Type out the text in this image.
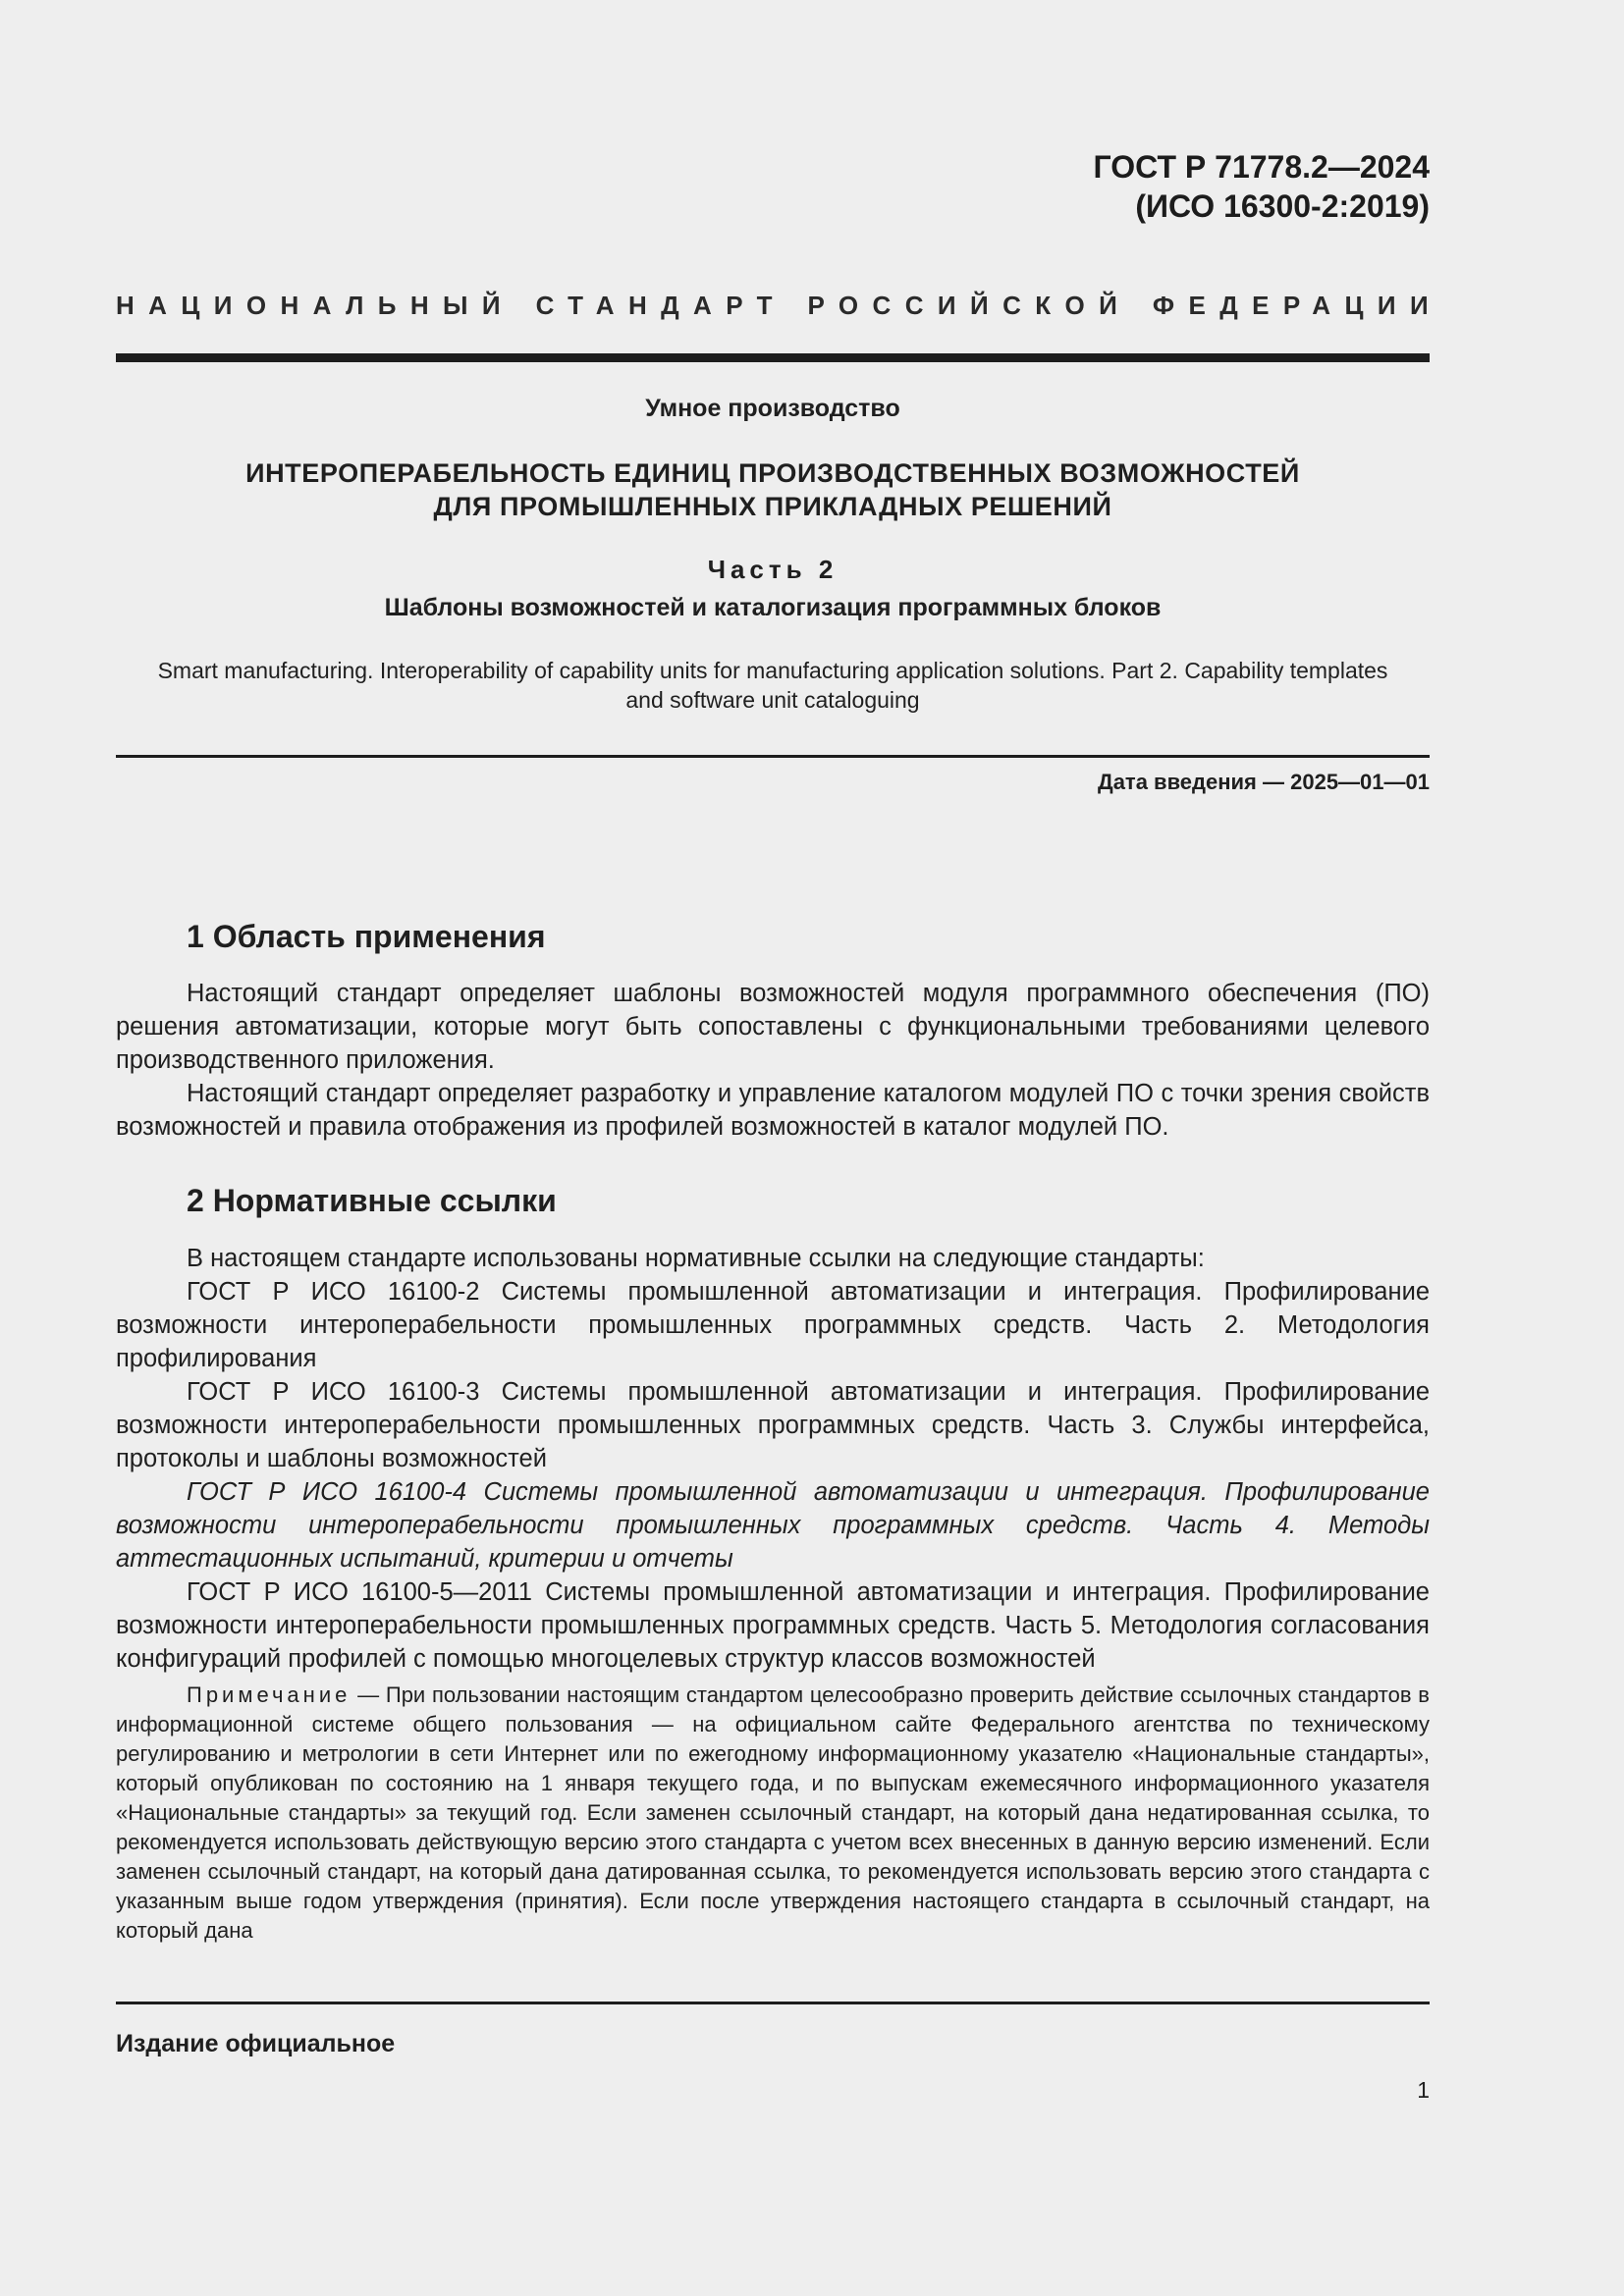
ГОСТ Р 71778.2—2024
(ИСО 16300-2:2019)
НАЦИОНАЛЬНЫЙ СТАНДАРТ РОССИЙСКОЙ ФЕДЕРАЦИИ
Умное производство
ИНТЕРОПЕРАБЕЛЬНОСТЬ ЕДИНИЦ ПРОИЗВОДСТВЕННЫХ ВОЗМОЖНОСТЕЙ
ДЛЯ ПРОМЫШЛЕННЫХ ПРИКЛАДНЫХ РЕШЕНИЙ
Часть 2
Шаблоны возможностей и каталогизация программных блоков
Smart manufacturing. Interoperability of capability units for manufacturing application solutions. Part 2. Capability templates and software unit cataloguing
Дата введения — 2025—01—01
1 Область применения

Настоящий стандарт определяет шаблоны возможностей модуля программного обеспечения (ПО) решения автоматизации, которые могут быть сопоставлены с функциональными требованиями целевого производственного приложения.

Настоящий стандарт определяет разработку и управление каталогом модулей ПО с точки зрения свойств возможностей и правила отображения из профилей возможностей в каталог модулей ПО.

2 Нормативные ссылки

В настоящем стандарте использованы нормативные ссылки на следующие стандарты:

ГОСТ Р ИСО 16100-2 Системы промышленной автоматизации и интеграция. Профилирование возможности интероперабельности промышленных программных средств. Часть 2. Методология профилирования

ГОСТ Р ИСО 16100-3 Системы промышленной автоматизации и интеграция. Профилирование возможности интероперабельности промышленных программных средств. Часть 3. Службы интерфейса, протоколы и шаблоны возможностей

ГОСТ Р ИСО 16100-4 Системы промышленной автоматизации и интеграция. Профилирование возможности интероперабельности промышленных программных средств. Часть 4. Методы аттестационных испытаний, критерии и отчеты

ГОСТ Р ИСО 16100-5—2011 Системы промышленной автоматизации и интеграция. Профилирование возможности интероперабельности промышленных программных средств. Часть 5. Методология согласования конфигураций профилей с помощью многоцелевых структур классов возможностей

Примечание — При пользовании настоящим стандартом целесообразно проверить действие ссылочных стандартов в информационной системе общего пользования — на официальном сайте Федерального агентства по техническому регулированию и метрологии в сети Интернет или по ежегодному информационному указателю «Национальные стандарты», который опубликован по состоянию на 1 января текущего года, и по выпускам ежемесячного информационного указателя «Национальные стандарты» за текущий год. Если заменен ссылочный стандарт, на который дана недатированная ссылка, то рекомендуется использовать действующую версию этого стандарта с учетом всех внесенных в данную версию изменений. Если заменен ссылочный стандарт, на который дана датированная ссылка, то рекомендуется использовать версию этого стандарта с указанным выше годом утверждения (принятия). Если после утверждения настоящего стандарта в ссылочный стандарт, на который дана

Издание официальное
1
